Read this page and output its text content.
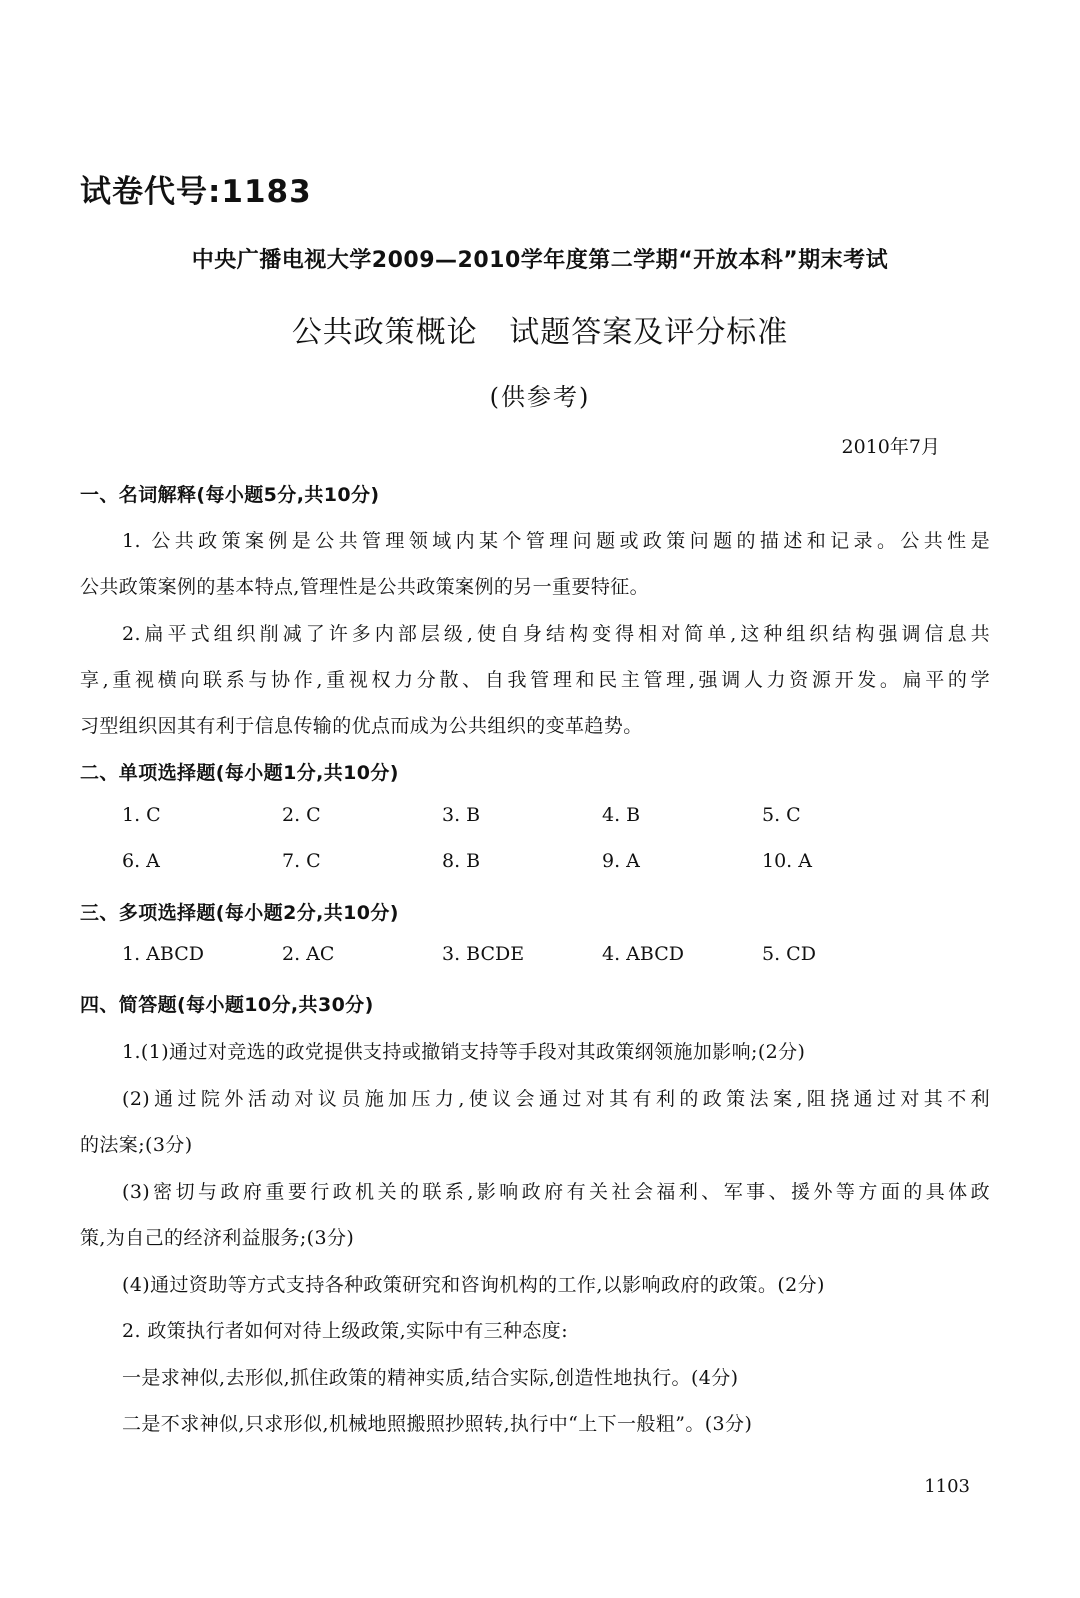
试卷代号:1183
中央广播电视大学2009—2010学年度第二学期“开放本科”期末考试
公共政策概论   试题答案及评分标准
(供参考)
2010年7月
一、名词解释(每小题5分,共10分)
1. 公共政策案例是公共管理领域内某个管理问题或政策问题的描述和记录。公共性是
公共政策案例的基本特点,管理性是公共政策案例的另一重要特征。
2.扁平式组织削减了许多内部层级,使自身结构变得相对简单,这种组织结构强调信息共
享,重视横向联系与协作,重视权力分散、自我管理和民主管理,强调人力资源开发。扁平的学
习型组织因其有利于信息传输的优点而成为公共组织的变革趋势。
二、单项选择题(每小题1分,共10分)
1. C	2. C	3. B	4. B	5. C
6. A	7. C	8. B	9. A	10. A
三、多项选择题(每小题2分,共10分)
1. ABCD	2. AC	3. BCDE	4. ABCD	5. CD
四、简答题(每小题10分,共30分)
1.(1)通过对竞选的政党提供支持或撤销支持等手段对其政策纲领施加影响;(2分)
(2)通过院外活动对议员施加压力,使议会通过对其有利的政策法案,阻挠通过对其不利
的法案;(3分)
(3)密切与政府重要行政机关的联系,影响政府有关社会福利、军事、援外等方面的具体政
策,为自己的经济利益服务;(3分)
(4)通过资助等方式支持各种政策研究和咨询机构的工作,以影响政府的政策。(2分)
2. 政策执行者如何对待上级政策,实际中有三种态度:
一是求神似,去形似,抓住政策的精神实质,结合实际,创造性地执行。(4分)
二是不求神似,只求形似,机械地照搬照抄照转,执行中“上下一般粗”。(3分)
1103
